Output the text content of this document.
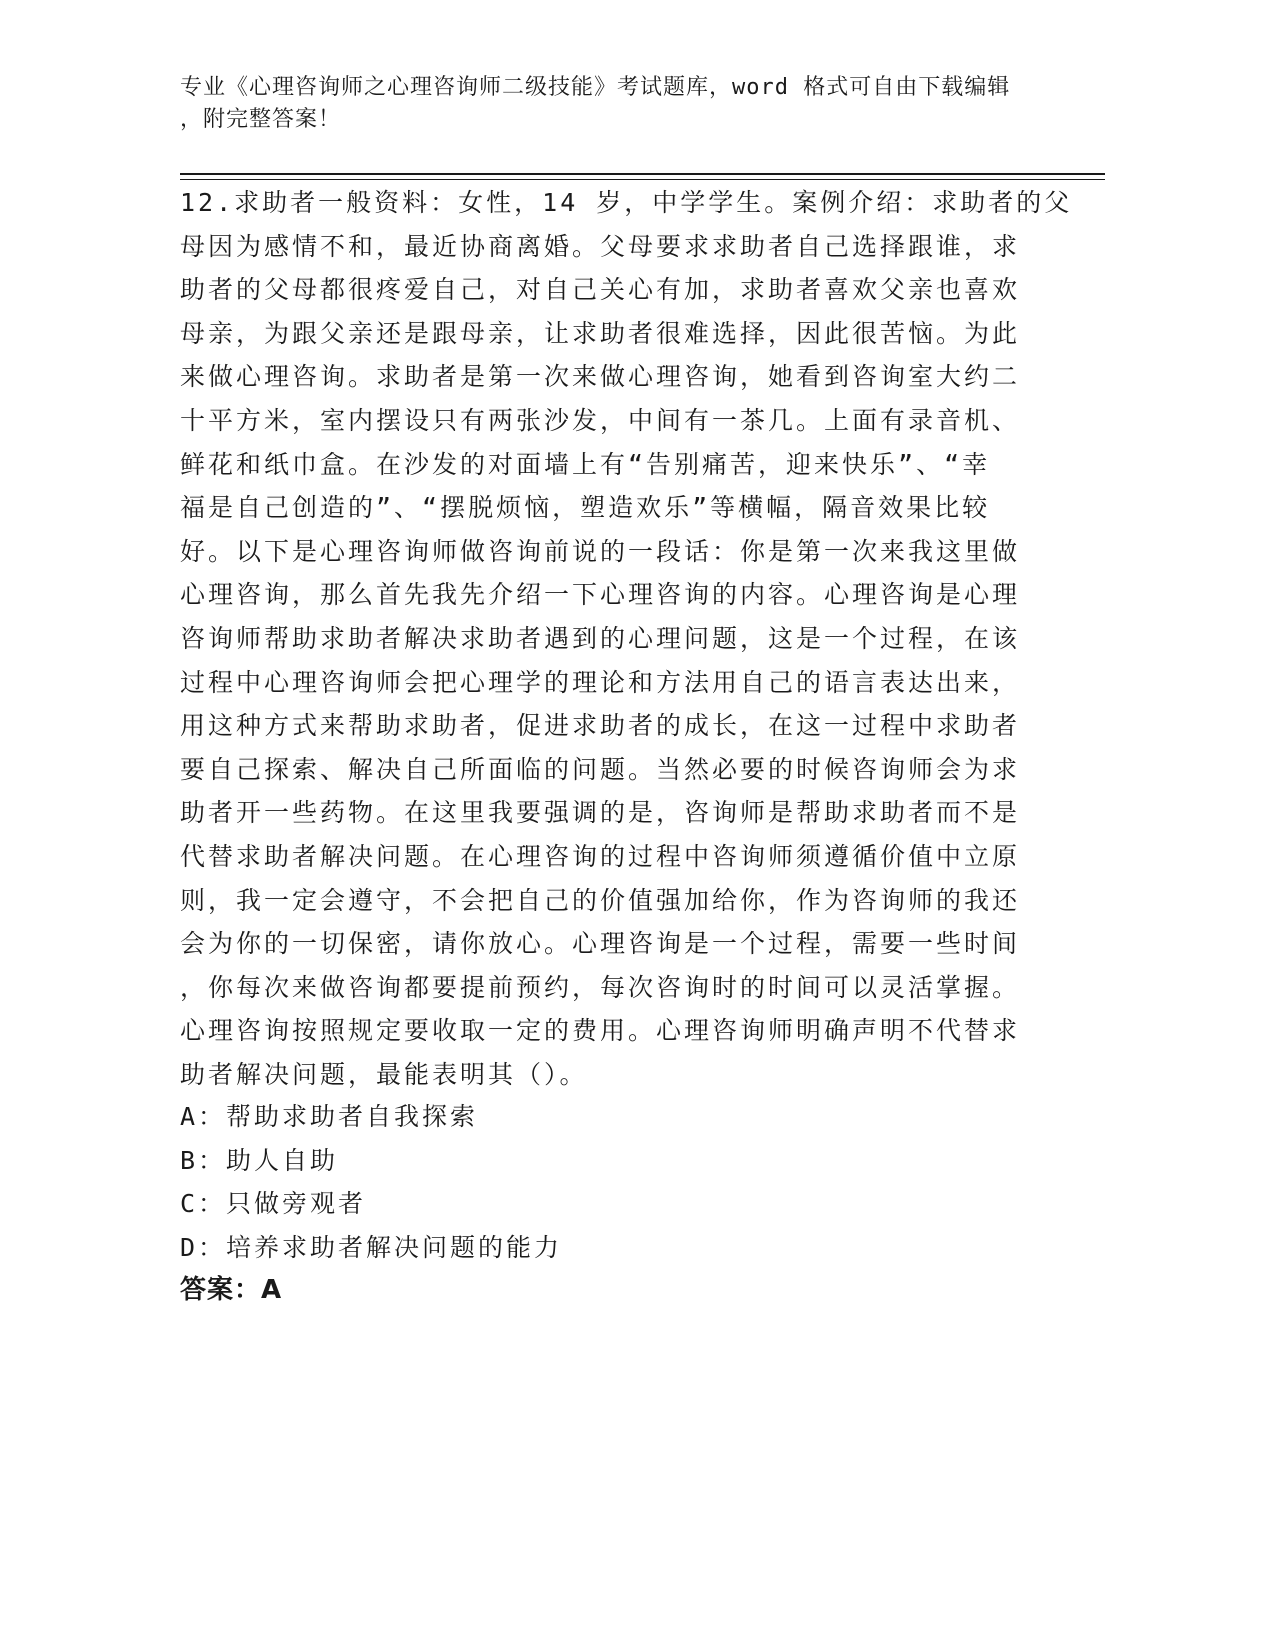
专业《心理咨询师之心理咨询师二级技能》考试题库，word 格式可自由下载编辑

，附完整答案！

12.求助者一般资料：女性，14 岁，中学学生。案例介绍：求助者的父

母因为感情不和，最近协商离婚。父母要求求助者自己选择跟谁，求

助者的父母都很疼爱自己，对自己关心有加，求助者喜欢父亲也喜欢

母亲，为跟父亲还是跟母亲，让求助者很难选择，因此很苦恼。为此

来做心理咨询。求助者是第一次来做心理咨询，她看到咨询室大约二

十平方米，室内摆设只有两张沙发，中间有一茶几。上面有录音机、

鲜花和纸巾盒。在沙发的对面墙上有“告别痛苦，迎来快乐”、“幸

福是自己创造的”、“摆脱烦恼，塑造欢乐”等横幅，隔音效果比较

好。以下是心理咨询师做咨询前说的一段话：你是第一次来我这里做

心理咨询，那么首先我先介绍一下心理咨询的内容。心理咨询是心理

咨询师帮助求助者解决求助者遇到的心理问题，这是一个过程，在该

过程中心理咨询师会把心理学的理论和方法用自己的语言表达出来，

用这种方式来帮助求助者，促进求助者的成长，在这一过程中求助者

要自己探索、解决自己所面临的问题。当然必要的时候咨询师会为求

助者开一些药物。在这里我要强调的是，咨询师是帮助求助者而不是

代替求助者解决问题。在心理咨询的过程中咨询师须遵循价值中立原

则，我一定会遵守，不会把自己的价值强加给你，作为咨询师的我还

会为你的一切保密，请你放心。心理咨询是一个过程，需要一些时间

，你每次来做咨询都要提前预约，每次咨询时的时间可以灵活掌握。

心理咨询按照规定要收取一定的费用。心理咨询师明确声明不代替求

助者解决问题，最能表明其（）。

A：帮助求助者自我探索

B：助人自助

C：只做旁观者

D：培养求助者解决问题的能力

答案：A
